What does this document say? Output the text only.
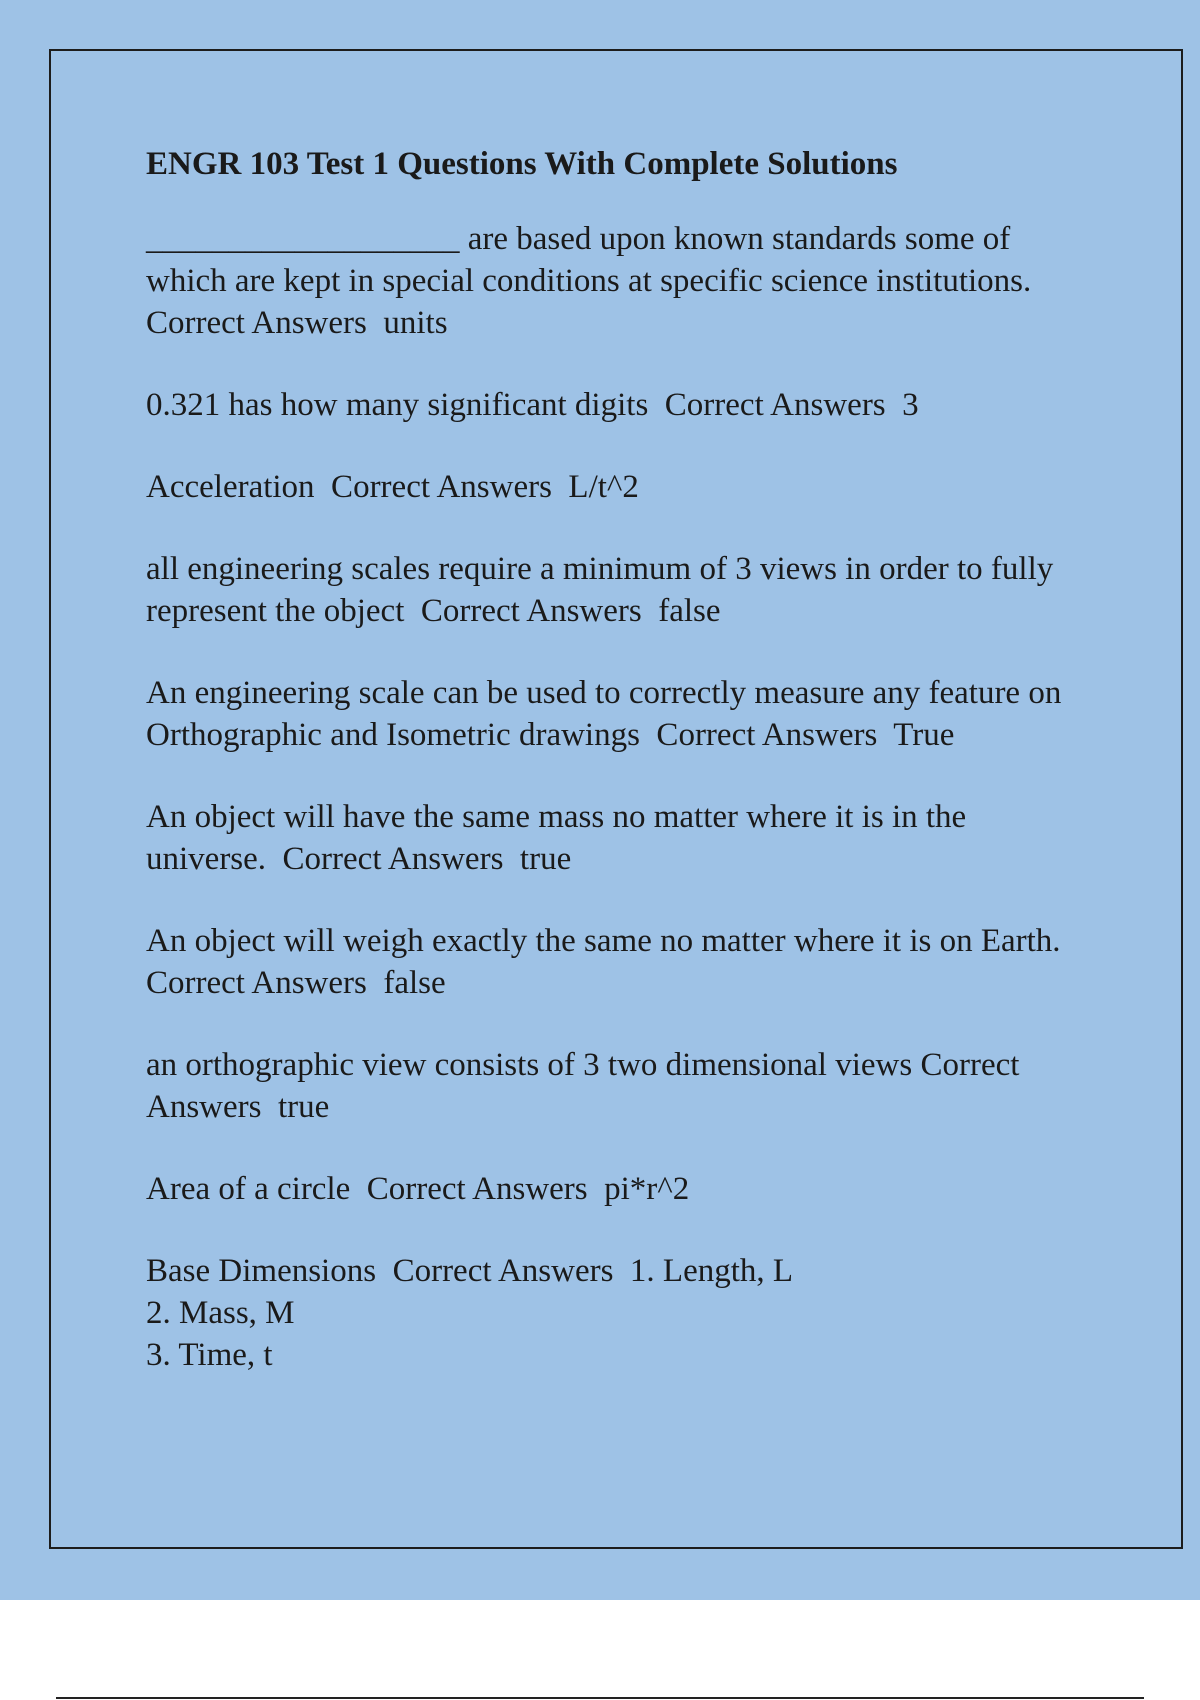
ENGR 103 Test 1 Questions With Complete Solutions
___________________ are based upon known standards some of which are kept in special conditions at specific science institutions.  Correct Answers  units
0.321 has how many significant digits  Correct Answers  3
Acceleration  Correct Answers  L/t^2
all engineering scales require a minimum of 3 views in order to fully represent the object  Correct Answers  false
An engineering scale can be used to correctly measure any feature on Orthographic and Isometric drawings  Correct Answers  True
An object will have the same mass no matter where it is in the universe.  Correct Answers  true
An object will weigh exactly the same no matter where it is on Earth.  Correct Answers  false
an orthographic view consists of 3 two dimensional views Correct Answers  true
Area of a circle  Correct Answers  pi*r^2
Base Dimensions  Correct Answers  1. Length, L
2. Mass, M
3. Time, t
